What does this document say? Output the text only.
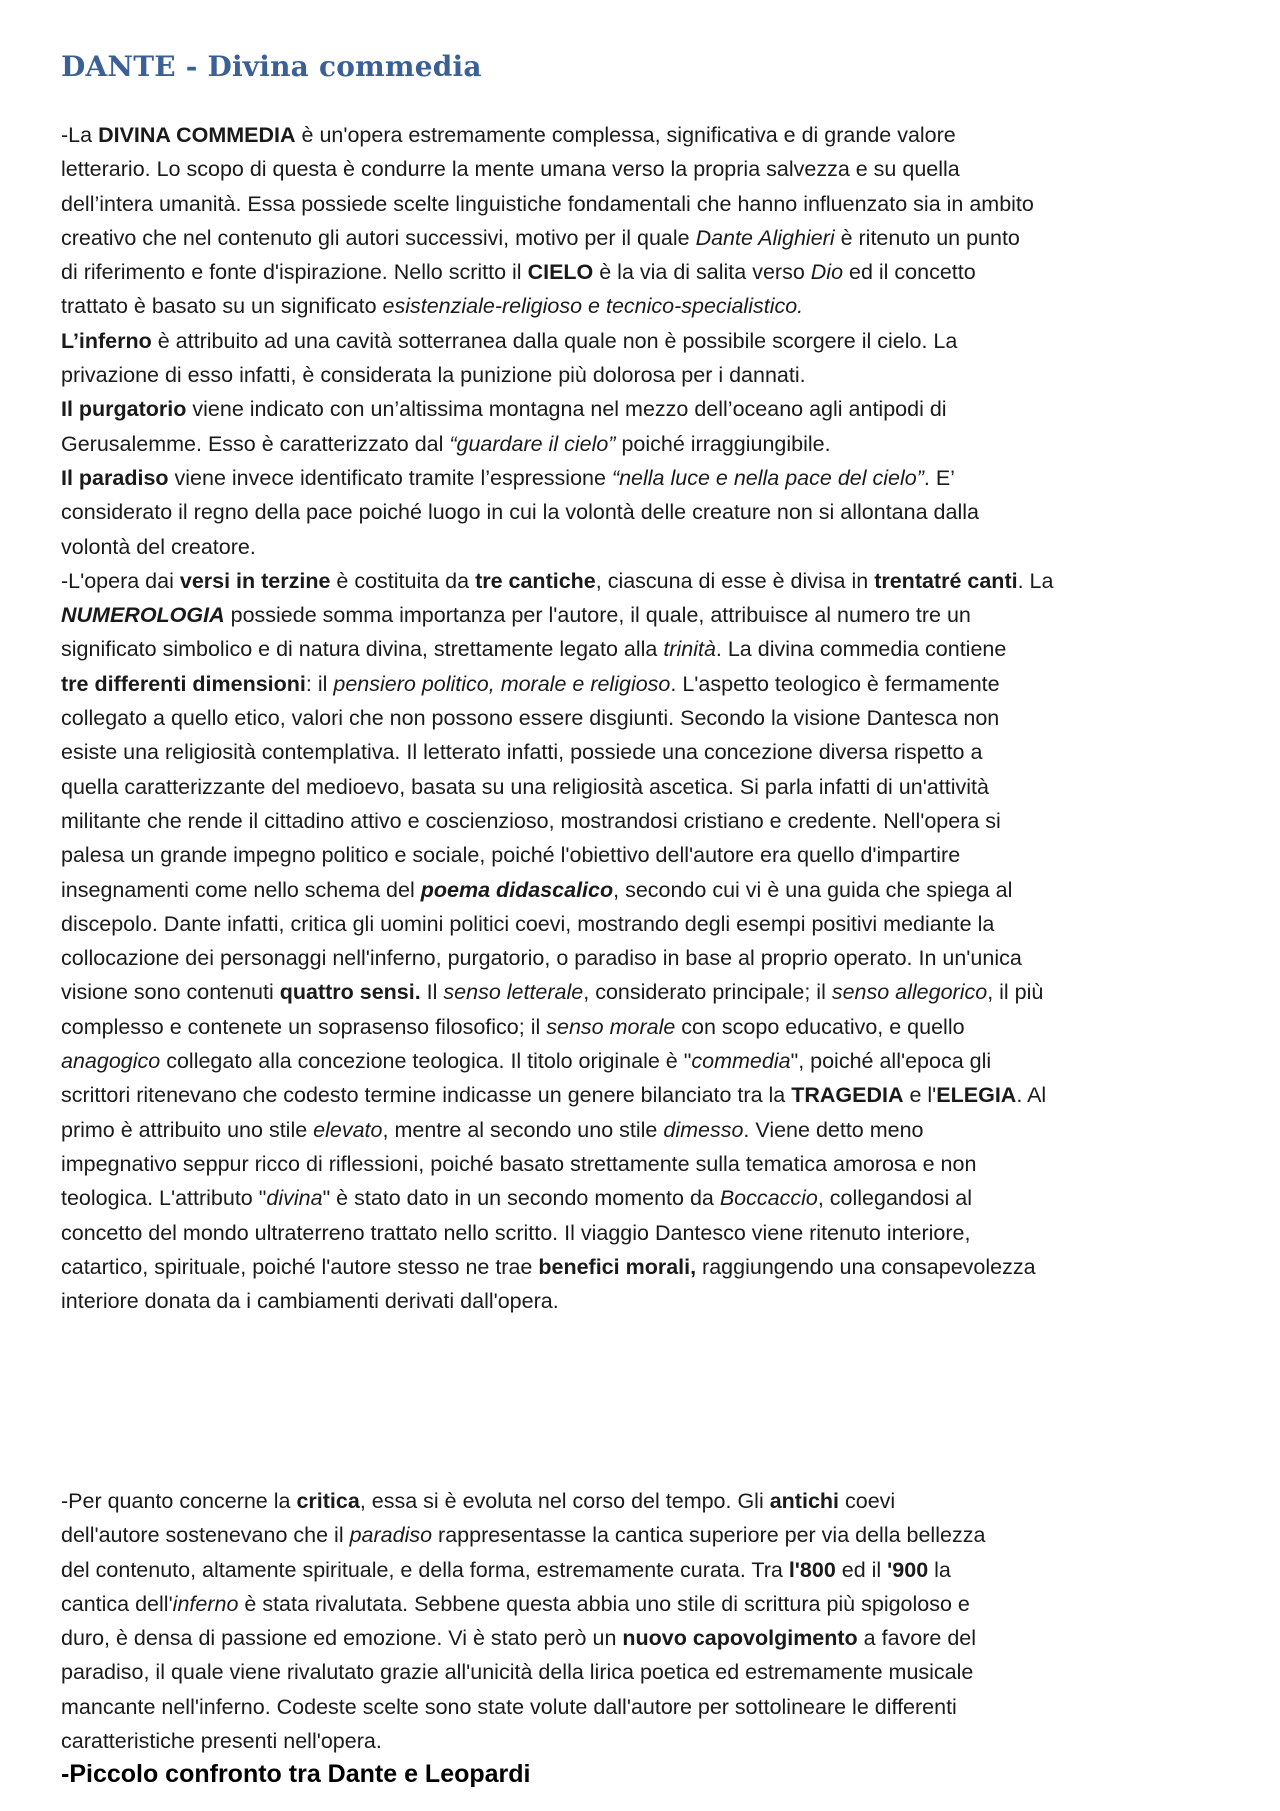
DANTE - Divina commedia
-La DIVINA COMMEDIA è un'opera estremamente complessa, significativa e di grande valore
letterario. Lo scopo di questa è condurre la mente umana verso la propria salvezza e su quella
dell’intera umanità. Essa possiede scelte linguistiche fondamentali che hanno influenzato sia in ambito
creativo che nel contenuto gli autori successivi, motivo per il quale Dante Alighieri è ritenuto un punto
di riferimento e fonte d'ispirazione. Nello scritto il CIELO è la via di salita verso Dio ed il concetto
trattato è basato su un significato esistenziale-religioso e tecnico-specialistico.
L’inferno è attribuito ad una cavità sotterranea dalla quale non è possibile scorgere il cielo. La
privazione di esso infatti, è considerata la punizione più dolorosa per i dannati.
Il purgatorio viene indicato con un’altissima montagna nel mezzo dell’oceano agli antipodi di
Gerusalemme. Esso è caratterizzato dal “guardare il cielo” poiché irraggiungibile.
Il paradiso viene invece identificato tramite l’espressione “nella luce e nella pace del cielo”. E’
considerato il regno della pace poiché luogo in cui la volontà delle creature non si allontana dalla
volontà del creatore.
-L'opera dai versi in terzine è costituita da tre cantiche, ciascuna di esse è divisa in trentatré canti. La
NUMEROLOGIA possiede somma importanza per l'autore, il quale, attribuisce al numero tre un
significato simbolico e di natura divina, strettamente legato alla trinità. La divina commedia contiene
tre differenti dimensioni: il pensiero politico, morale e religioso. L'aspetto teologico è fermamente
collegato a quello etico, valori che non possono essere disgiunti. Secondo la visione Dantesca non
esiste una religiosità contemplativa. Il letterato infatti, possiede una concezione diversa rispetto a
quella caratterizzante del medioevo, basata su una religiosità ascetica. Si parla infatti di un'attività
militante che rende il cittadino attivo e coscienzioso, mostrandosi cristiano e credente. Nell'opera si
palesa un grande impegno politico e sociale, poiché l'obiettivo dell'autore era quello d'impartire
insegnamenti come nello schema del poema didascalico, secondo cui vi è una guida che spiega al
discepolo. Dante infatti, critica gli uomini politici coevi, mostrando degli esempi positivi mediante la
collocazione dei personaggi nell'inferno, purgatorio, o paradiso in base al proprio operato. In un'unica
visione sono contenuti quattro sensi. Il senso letterale, considerato principale; il senso allegorico, il più
complesso e contenete un soprasenso filosofico; il senso morale con scopo educativo, e quello
anagogico collegato alla concezione teologica. Il titolo originale è "commedia", poiché all'epoca gli
scrittori ritenevano che codesto termine indicasse un genere bilanciato tra la TRAGEDIA e l'ELEGIA. Al
primo è attribuito uno stile elevato, mentre al secondo uno stile dimesso. Viene detto meno
impegnativo seppur ricco di riflessioni, poiché basato strettamente sulla tematica amorosa e non
teologica. L'attributo "divina" è stato dato in un secondo momento da Boccaccio, collegandosi al
concetto del mondo ultraterreno trattato nello scritto. Il viaggio Dantesco viene ritenuto interiore,
catartico, spirituale, poiché l'autore stesso ne trae benefici morali, raggiungendo una consapevolezza
interiore donata da i cambiamenti derivati dall'opera.
-Per quanto concerne la critica, essa si è evoluta nel corso del tempo. Gli antichi coevi
dell'autore sostenevano che il paradiso rappresentasse la cantica superiore per via della bellezza
del contenuto, altamente spirituale, e della forma, estremamente curata. Tra l'800 ed il '900 la
cantica dell'inferno è stata rivalutata. Sebbene questa abbia uno stile di scrittura più spigoloso e
duro, è densa di passione ed emozione. Vi è stato però un nuovo capovolgimento a favore del
paradiso, il quale viene rivalutato grazie all'unicità della lirica poetica ed estremamente musicale
mancante nell'inferno. Codeste scelte sono state volute dall'autore per sottolineare le differenti
caratteristiche presenti nell'opera.
-Piccolo confronto tra Dante e Leopardi
